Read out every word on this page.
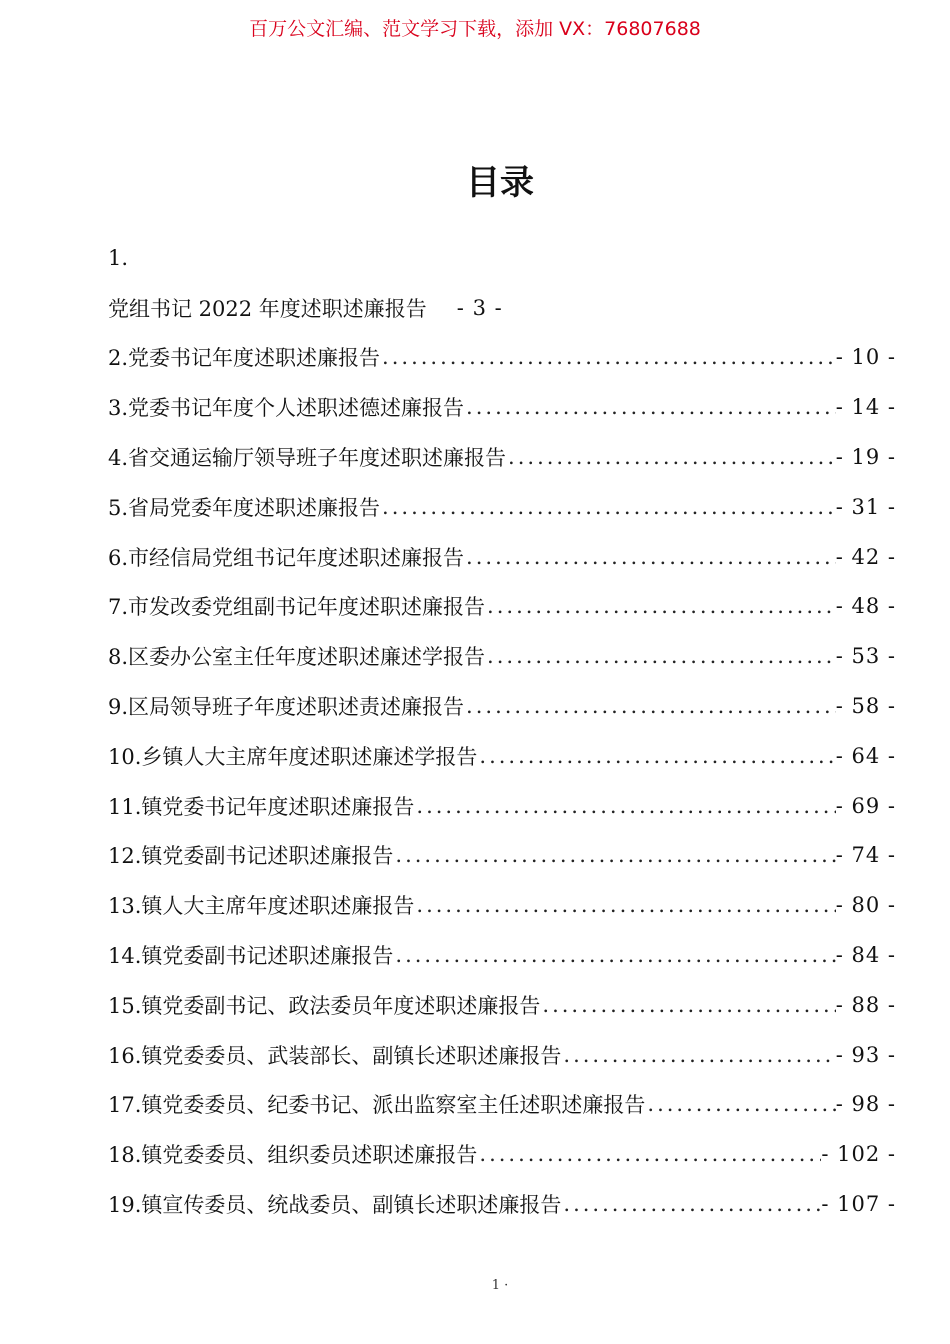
百万公文汇编、范文学习下载，添加 VX：76807688
目录
1.
党组书记 2022 年度述职述廉报告 - 3 -
2.党委书记年度述职述廉报告 .....	- 10 -
3.党委书记年度个人述职述德述廉报告 .....	- 14 -
4.省交通运输厅领导班子年度述职述廉报告 .....	- 19 -
5.省局党委年度述职述廉报告 .....	- 31 -
6.市经信局党组书记年度述职述廉报告 .....	- 42 -
7.市发改委党组副书记年度述职述廉报告 .....	- 48 -
8.区委办公室主任年度述职述廉述学报告 .....	- 53 -
9.区局领导班子年度述职述责述廉报告 .....	- 58 -
10.乡镇人大主席年度述职述廉述学报告 .....	- 64 -
11.镇党委书记年度述职述廉报告 .....	- 69 -
12.镇党委副书记述职述廉报告 .....	- 74 -
13.镇人大主席年度述职述廉报告 .....	- 80 -
14.镇党委副书记述职述廉报告 .....	- 84 -
15.镇党委副书记、政法委员年度述职述廉报告 .....	- 88 -
16.镇党委委员、武装部长、副镇长述职述廉报告 .....	- 93 -
17.镇党委委员、纪委书记、派出监察室主任述职述廉报告 .....	- 98 -
18.镇党委委员、组织委员述职述廉报告 .....	- 102 -
19.镇宣传委员、统战委员、副镇长述职述廉报告 .....	- 107 -
1 ·
